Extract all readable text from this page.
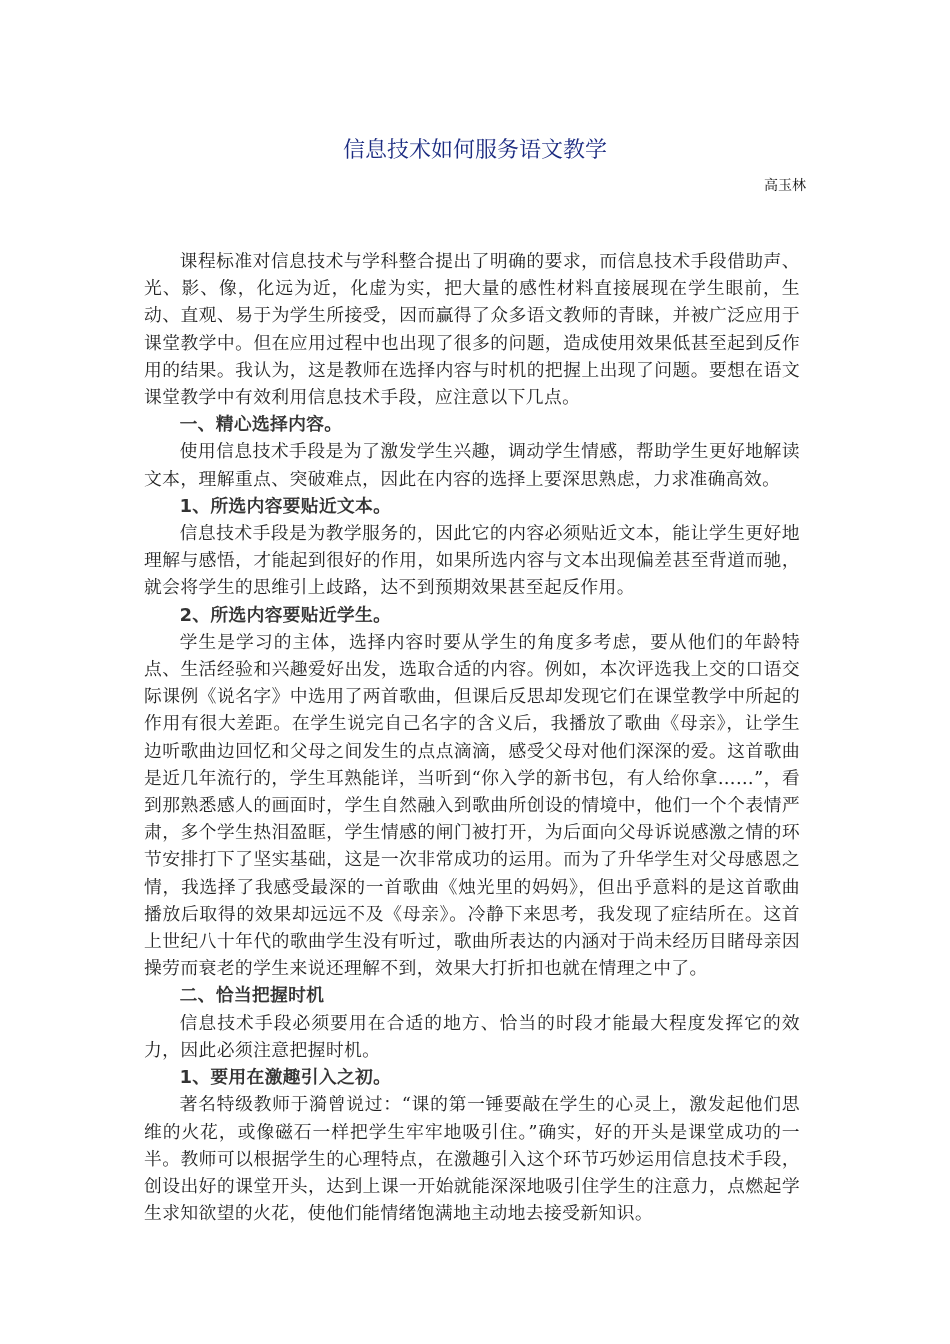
信息技术如何服务语文教学
高玉林

课程标准对信息技术与学科整合提出了明确的要求，而信息技术手段借助声、光、影、像，化远为近，化虚为实，把大量的感性材料直接展现在学生眼前，生动、直观、易于为学生所接受，因而赢得了众多语文教师的青睐，并被广泛应用于课堂教学中。但在应用过程中也出现了很多的问题，造成使用效果低甚至起到反作用的结果。我认为，这是教师在选择内容与时机的把握上出现了问题。要想在语文课堂教学中有效利用信息技术手段，应注意以下几点。

一、精心选择内容。

使用信息技术手段是为了激发学生兴趣，调动学生情感，帮助学生更好地解读文本，理解重点、突破难点，因此在内容的选择上要深思熟虑，力求准确高效。

1、所选内容要贴近文本。

信息技术手段是为教学服务的，因此它的内容必须贴近文本，能让学生更好地理解与感悟，才能起到很好的作用，如果所选内容与文本出现偏差甚至背道而驰，就会将学生的思维引上歧路，达不到预期效果甚至起反作用。

2、所选内容要贴近学生。

学生是学习的主体，选择内容时要从学生的角度多考虑，要从他们的年龄特点、生活经验和兴趣爱好出发，选取合适的内容。例如，本次评选我上交的口语交际课例《说名字》中选用了两首歌曲，但课后反思却发现它们在课堂教学中所起的作用有很大差距。在学生说完自己名字的含义后，我播放了歌曲《母亲》，让学生边听歌曲边回忆和父母之间发生的点点滴滴，感受父母对他们深深的爱。这首歌曲是近几年流行的，学生耳熟能详，当听到“你入学的新书包，有人给你拿……”，看到那熟悉感人的画面时，学生自然融入到歌曲所创设的情境中，他们一个个表情严肃，多个学生热泪盈眶，学生情感的闸门被打开，为后面向父母诉说感激之情的环节安排打下了坚实基础，这是一次非常成功的运用。而为了升华学生对父母感恩之情，我选择了我感受最深的一首歌曲《烛光里的妈妈》，但出乎意料的是这首歌曲播放后取得的效果却远远不及《母亲》。冷静下来思考，我发现了症结所在。这首上世纪八十年代的歌曲学生没有听过，歌曲所表达的内涵对于尚未经历目睹母亲因操劳而衰老的学生来说还理解不到，效果大打折扣也就在情理之中了。

二、恰当把握时机

信息技术手段必须要用在合适的地方、恰当的时段才能最大程度发挥它的效力，因此必须注意把握时机。

1、要用在激趣引入之初。

著名特级教师于漪曾说过：“课的第一锤要敲在学生的心灵上，激发起他们思维的火花，或像磁石一样把学生牢牢地吸引住。”确实，好的开头是课堂成功的一半。教师可以根据学生的心理特点，在激趣引入这个环节巧妙运用信息技术手段，创设出好的课堂开头，达到上课一开始就能深深地吸引住学生的注意力，点燃起学生求知欲望的火花，使他们能情绪饱满地主动地去接受新知识。
